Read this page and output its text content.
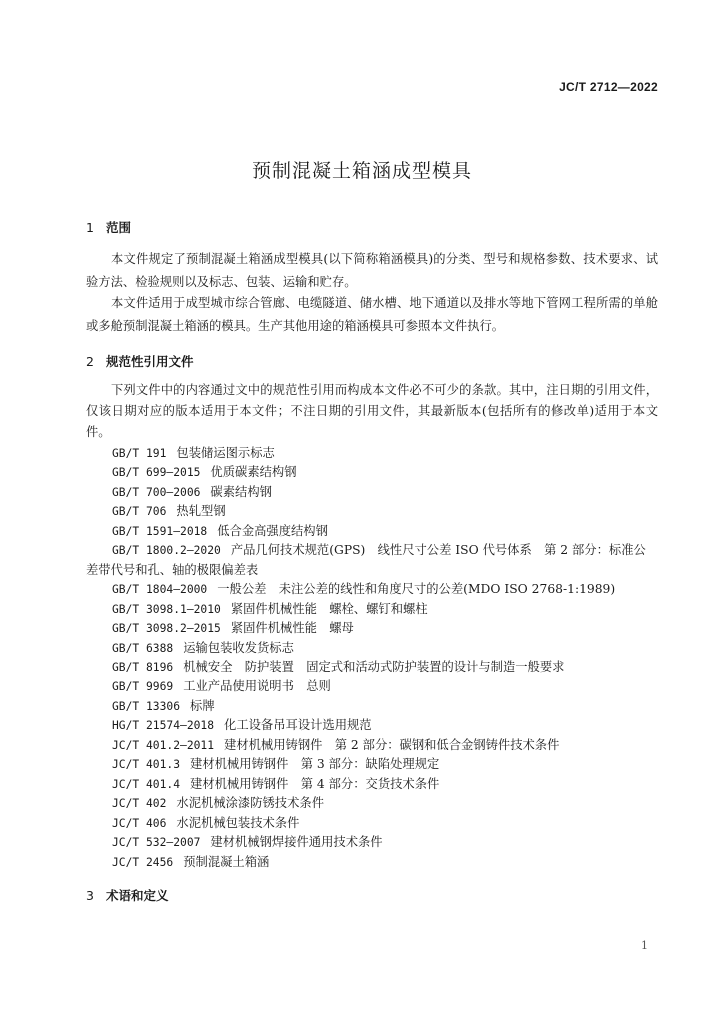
JC/T 2712—2022
预制混凝土箱涵成型模具
1 范围
本文件规定了预制混凝土箱涵成型模具(以下简称箱涵模具)的分类、型号和规格参数、技术要求、试验方法、检验规则以及标志、包装、运输和贮存。
本文件适用于成型城市综合管廊、电缆隧道、储水槽、地下通道以及排水等地下管网工程所需的单舱或多舱预制混凝土箱涵的模具。生产其他用途的箱涵模具可参照本文件执行。
2 规范性引用文件
下列文件中的内容通过文中的规范性引用而构成本文件必不可少的条款。其中，注日期的引用文件，仅该日期对应的版本适用于本文件；不注日期的引用文件，其最新版本(包括所有的修改单)适用于本文件。
GB/T 191 包装储运图示标志
GB/T 699—2015 优质碳素结构钢
GB/T 700—2006 碳素结构钢
GB/T 706 热轧型钢
GB/T 1591—2018 低合金高强度结构钢
GB/T 1800.2—2020 产品几何技术规范(GPS)　线性尺寸公差 ISO 代号体系　第 2 部分：标准公差带代号和孔、轴的极限偏差表
GB/T 1804—2000 一般公差　未注公差的线性和角度尺寸的公差(MDO ISO 2768-1:1989)
GB/T 3098.1—2010 紧固件机械性能　螺栓、螺钉和螺柱
GB/T 3098.2—2015 紧固件机械性能　螺母
GB/T 6388 运输包装收发货标志
GB/T 8196 机械安全　防护装置　固定式和活动式防护装置的设计与制造一般要求
GB/T 9969 工业产品使用说明书　总则
GB/T 13306 标牌
HG/T 21574—2018 化工设备吊耳设计选用规范
JC/T 401.2—2011 建材机械用铸钢件　第 2 部分：碳钢和低合金钢铸件技术条件
JC/T 401.3 建材机械用铸钢件　第 3 部分：缺陷处理规定
JC/T 401.4 建材机械用铸钢件　第 4 部分：交货技术条件
JC/T 402 水泥机械涂漆防锈技术条件
JC/T 406 水泥机械包装技术条件
JC/T 532—2007 建材机械钢焊接件通用技术条件
JC/T 2456 预制混凝土箱涵
3 术语和定义
1
